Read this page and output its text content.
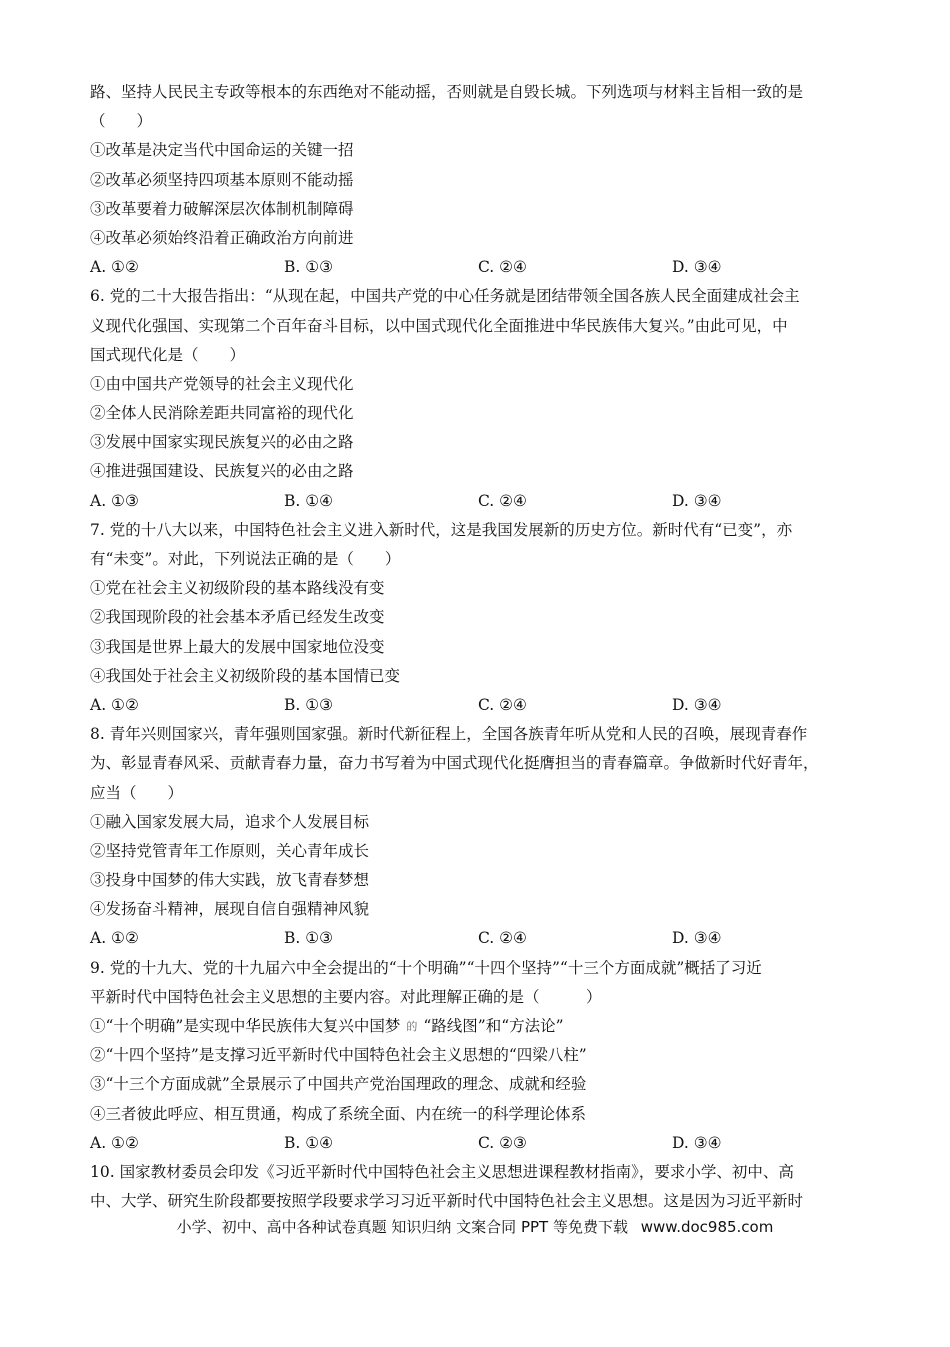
路、坚持人民民主专政等根本的东西绝对不能动摇，否则就是自毁长城。下列选项与材料主旨相一致的是
（　　）
①改革是决定当代中国命运的关键一招
②改革必须坚持四项基本原则不能动摇
③改革要着力破解深层次体制机制障碍
④改革必须始终沿着正确政治方向前进
A. ①②	B. ①③	C. ②④	D. ③④
6. 党的二十大报告指出：“从现在起，中国共产党的中心任务就是团结带领全国各族人民全面建成社会主
义现代化强国、实现第二个百年奋斗目标，以中国式现代化全面推进中华民族伟大复兴。”由此可见，中
国式现代化是（　　）
①由中国共产党领导的社会主义现代化
②全体人民消除差距共同富裕的现代化
③发展中国家实现民族复兴的必由之路
④推进强国建设、民族复兴的必由之路
A. ①③	B. ①④	C. ②④	D. ③④
7. 党的十八大以来，中国特色社会主义进入新时代，这是我国发展新的历史方位。新时代有“已变”，亦
有“未变”。对此，下列说法正确的是（　　）
①党在社会主义初级阶段的基本路线没有变
②我国现阶段的社会基本矛盾已经发生改变
③我国是世界上最大的发展中国家地位没变
④我国处于社会主义初级阶段的基本国情已变
A. ①②	B. ①③	C. ②④	D. ③④
8. 青年兴则国家兴，青年强则国家强。新时代新征程上，全国各族青年听从党和人民的召唤，展现青春作
为、彰显青春风采、贡献青春力量，奋力书写着为中国式现代化挺膺担当的青春篇章。争做新时代好青年，
应当（　　）
①融入国家发展大局，追求个人发展目标
②坚持党管青年工作原则，关心青年成长
③投身中国梦的伟大实践，放飞青春梦想
④发扬奋斗精神，展现自信自强精神风貌
A. ①②	B. ①③	C. ②④	D. ③④
9. 党的十九大、党的十九届六中全会提出的“十个明确”“十四个坚持”“十三个方面成就”概括了习近
平新时代中国特色社会主义思想的主要内容。对此理解正确的是（　　　）
①“十个明确”是实现中华民族伟大复兴中国梦 $^的$ “路线图”和“方法论”
②“十四个坚持”是支撑习近平新时代中国特色社会主义思想的“四梁八柱”
③“十三个方面成就”全景展示了中国共产党治国理政的理念、成就和经验
④三者彼此呼应、相互贯通，构成了系统全面、内在统一的科学理论体系
A. ①②	B. ①④	C. ②③	D. ③④
10. 国家教材委员会印发《习近平新时代中国特色社会主义思想进课程教材指南》，要求小学、初中、高
中、大学、研究生阶段都要按照学段要求学习习近平新时代中国特色社会主义思想。这是因为习近平新时
小学、初中、高中各种试卷真题 知识归纳 文案合同 PPT 等免费下载 www.doc985.com
